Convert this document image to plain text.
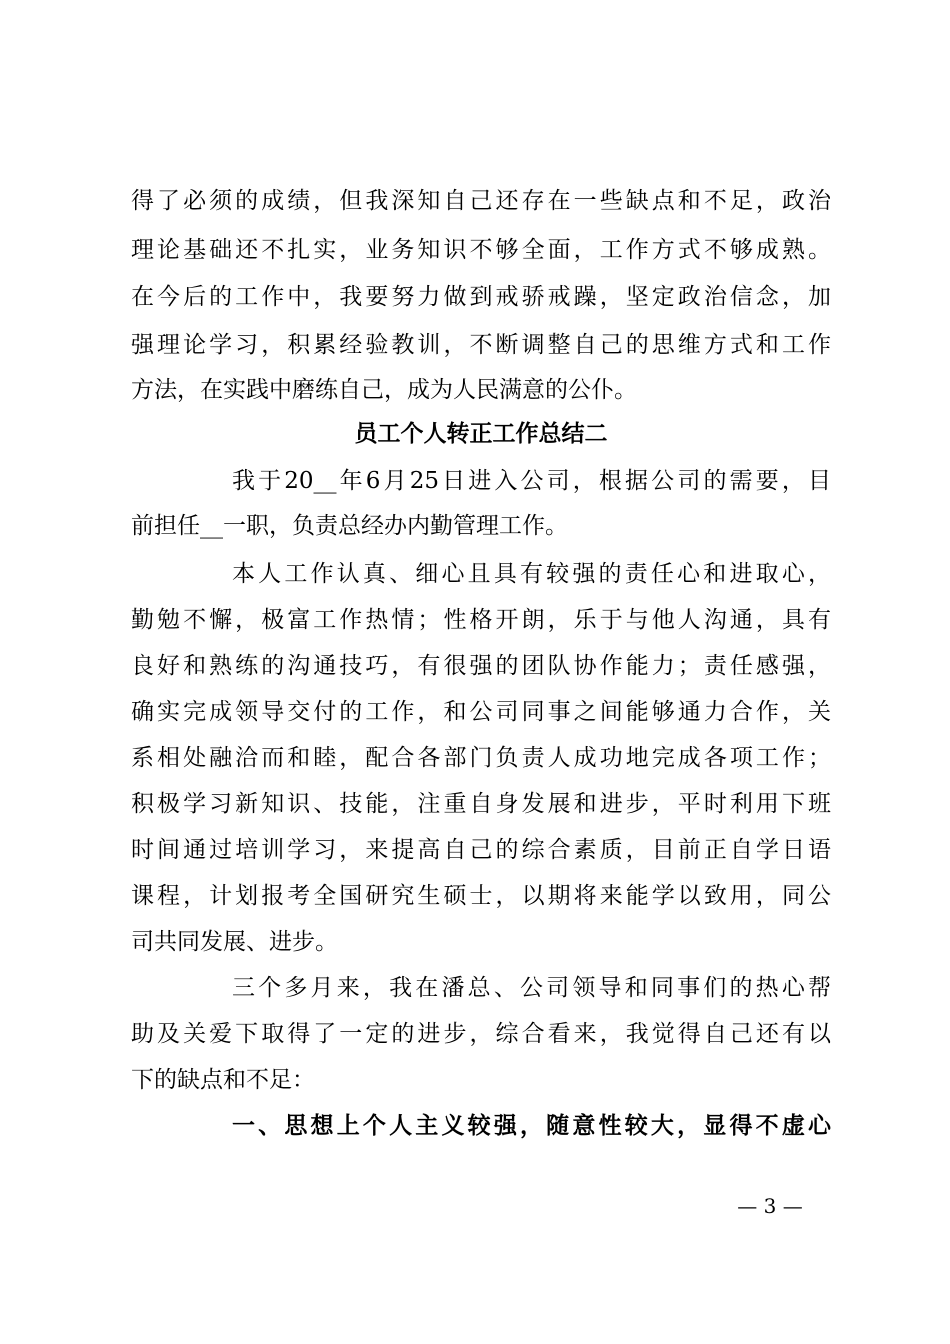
得了必须的成绩，但我深知自己还存在一些缺点和不足，政治
理论基础还不扎实，业务知识不够全面，工作方式不够成熟。
在今后的工作中，我要努力做到戒骄戒躁，坚定政治信念，加
强理论学习，积累经验教训，不断调整自己的思维方式和工作
方法，在实践中磨练自己，成为人民满意的公仆。
员工个人转正工作总结二
我于20__年6月25日进入公司，根据公司的需要，目
前担任__一职，负责总经办内勤管理工作。
本人工作认真、细心且具有较强的责任心和进取心，
勤勉不懈，极富工作热情；性格开朗，乐于与他人沟通，具有
良好和熟练的沟通技巧，有很强的团队协作能力；责任感强，
确实完成领导交付的工作，和公司同事之间能够通力合作，关
系相处融洽而和睦，配合各部门负责人成功地完成各项工作；
积极学习新知识、技能，注重自身发展和进步，平时利用下班
时间通过培训学习，来提高自己的综合素质，目前正自学日语
课程，计划报考全国研究生硕士，以期将来能学以致用，同公
司共同发展、进步。
三个多月来，我在潘总、公司领导和同事们的热心帮
助及关爱下取得了一定的进步，综合看来，我觉得自己还有以
下的缺点和不足：
一、思想上个人主义较强，随意性较大，显得不虚心
— 3 —
